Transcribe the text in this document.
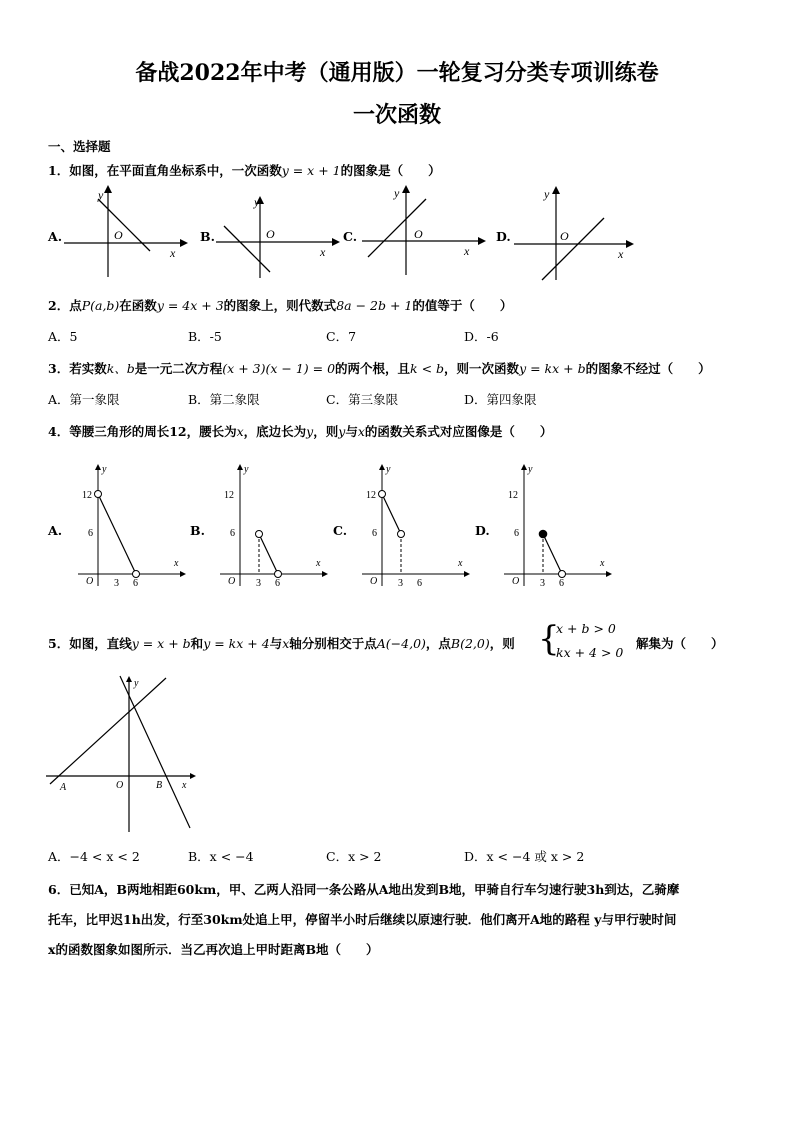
备战2022年中考（通用版）一轮复习分类专项训练卷
一次函数
一、选择题
1．如图，在平面直角坐标系中，一次函数y = x + 1的图象是（　　）
A.
y
O
x
B.
y
O
x
C.
y
O
x
D.
y
O
x
2．点P(a,b)在函数y = 4x + 3的图象上，则代数式8a − 2b + 1的值等于（　　）
A．5	B．-5	C．7	D．-6
3．若实数k、b是一元二次方程(x + 3)(x − 1) = 0的两个根，且k < b，则一次函数y = kx + b的图象不经过（　　）
A．第一象限	B．第二象限	C．第三象限	D．第四象限
4．等腰三角形的周长12，腰长为x，底边长为y，则y与x的函数关系式对应图像是（　　）
A.
y
12
6
O 3 6
x
B.
y
12
6
O 3 6
x
C.
y
12
6
O 3 6
x
D.
y
12
6
O 3 6
x
5．如图，直线y = x + b和y = kx + 4与x轴分别相交于点A(−4,0)，点B(2,0)，则 {
x + b > 0
kx + 4 > 0
解集为（　　）
y
A	O	B x
A．−4 < x < 2	B．x < −4	C．x > 2	D．x < −4 或 x > 2
6．已知A，B两地相距60km，甲、乙两人沿同一条公路从A地出发到B地，甲骑自行车匀速行驶3h到达，乙骑摩
托车，比甲迟1h出发，行至30km处追上甲，停留半小时后继续以原速行驶．他们离开A地的路程 y与甲行驶时间
x的函数图象如图所示．当乙再次追上甲时距离B地（　　）
